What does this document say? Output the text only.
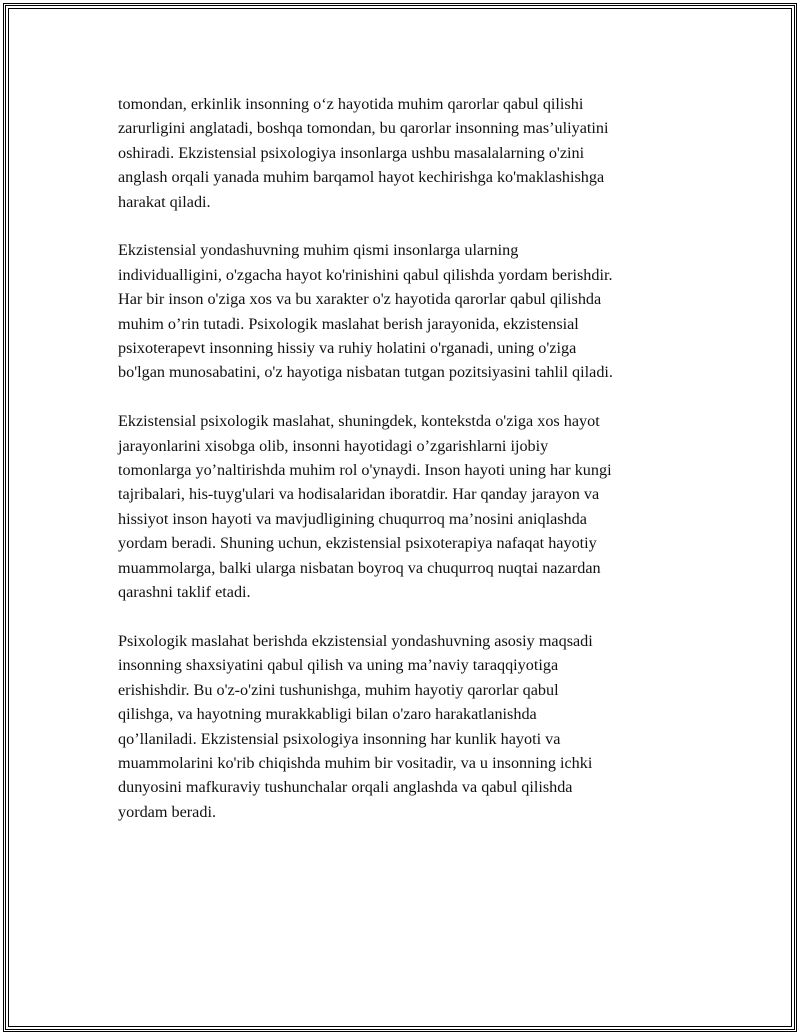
tomondan, erkinlik insonning o‘z hayotida muhim qarorlar qabul qilishi
zarurligini anglatadi, boshqa tomondan, bu qarorlar insonning mas’uliyatini
oshiradi. Ekzistensial psixologiya insonlarga ushbu masalalarning o'zini
anglash orqali yanada muhim barqamol hayot kechirishga ko'maklashishga
harakat qiladi.

Ekzistensial yondashuvning muhim qismi insonlarga ularning
individualligini, o'zgacha hayot ko'rinishini qabul qilishda yordam berishdir.
Har bir inson o'ziga xos va bu xarakter o'z hayotida qarorlar qabul qilishda
muhim o’rin tutadi. Psixologik maslahat berish jarayonida, ekzistensial
psixoterapevt insonning hissiy va ruhiy holatini o'rganadi, uning o'ziga
bo'lgan munosabatini, o'z hayotiga nisbatan tutgan pozitsiyasini tahlil qiladi.

Ekzistensial psixologik maslahat, shuningdek, kontekstda o'ziga xos hayot
jarayonlarini xisobga olib, insonni hayotidagi o’zgarishlarni ijobiy
tomonlarga yo’naltirishda muhim rol o'ynaydi. Inson hayoti uning har kungi
tajribalari, his-tuyg'ulari va hodisalaridan iboratdir. Har qanday jarayon va
hissiyot inson hayoti va mavjudligining chuqurroq ma’nosini aniqlashda
yordam beradi. Shuning uchun, ekzistensial psixoterapiya nafaqat hayotiy
muammolarga, balki ularga nisbatan boyroq va chuqurroq nuqtai nazardan
qarashni taklif etadi.

Psixologik maslahat berishda ekzistensial yondashuvning asosiy maqsadi
insonning shaxsiyatini qabul qilish va uning ma’naviy taraqqiyotiga
erishishdir. Bu o'z-o'zini tushunishga, muhim hayotiy qarorlar qabul
qilishga, va hayotning murakkabligi bilan o'zaro harakatlanishda
qo’llaniladi. Ekzistensial psixologiya insonning har kunlik hayoti va
muammolarini ko'rib chiqishda muhim bir vositadir, va u insonning ichki
dunyosini mafkuraviy tushunchalar orqali anglashda va qabul qilishda
yordam beradi.
